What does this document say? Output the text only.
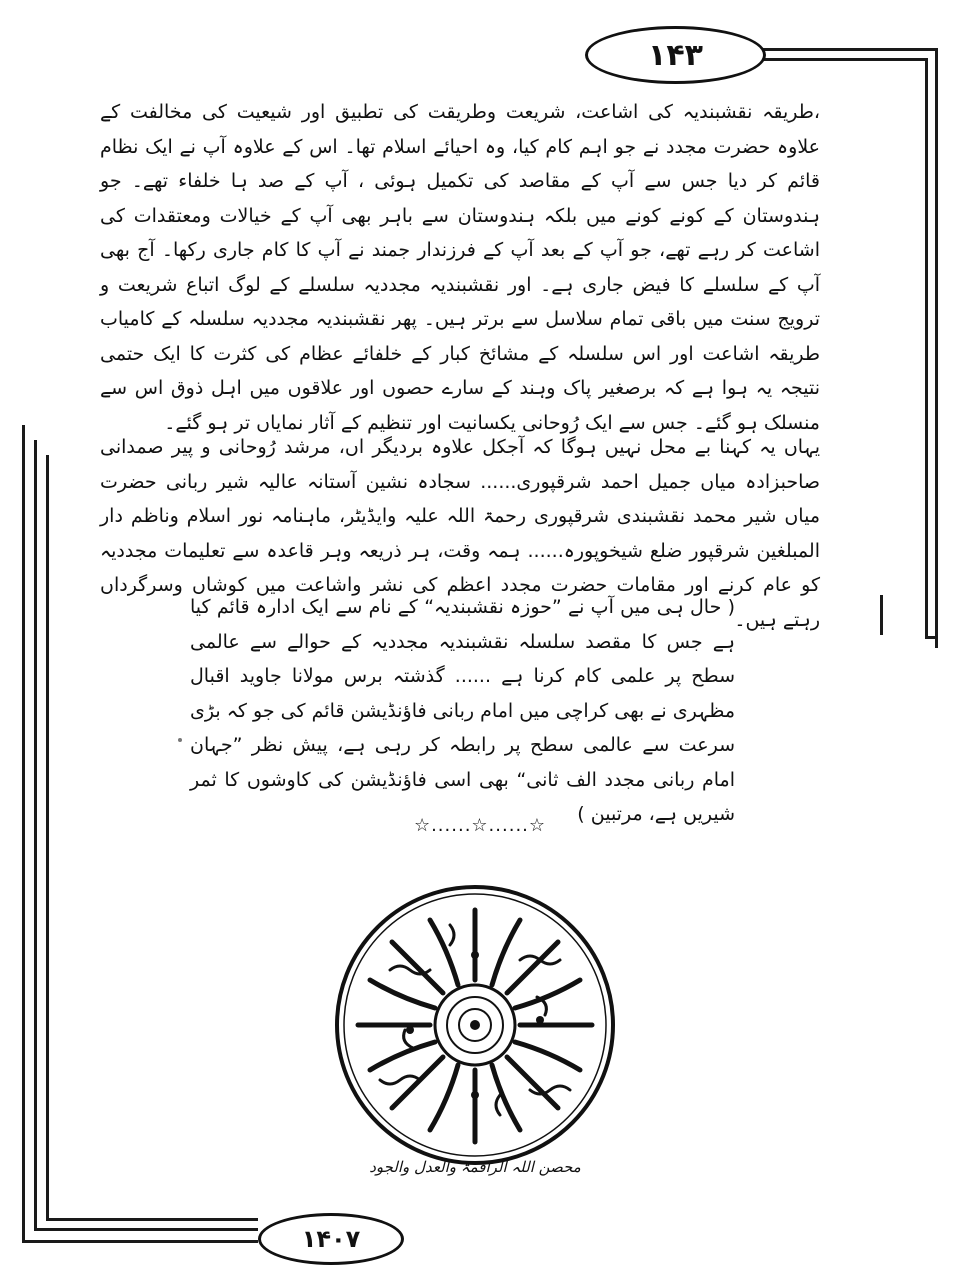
۱۴۳
،طریقہ نقشبندیہ کی اشاعت، شریعت وطریقت کی تطبیق اور شیعیت کی مخالفت کے علاوہ حضرت مجدد نے جو اہم کام کیا، وہ احیائے اسلام تھا۔ اس کے علاوہ آپ نے ایک نظام قائم کر دیا جس سے آپ کے مقاصد کی تکمیل ہوئی ، آپ کے صد ہا خلفاء تھے۔ جو ہندوستان کے کونے کونے میں بلکہ ہندوستان سے باہر بھی آپ کے خیالات ومعتقدات کی اشاعت کر رہے تھے، جو آپ کے بعد آپ کے فرزندار جمند نے آپ کا کام جاری رکھا۔ آج بھی آپ کے سلسلے کا فیض جاری ہے۔ اور نقشبندیہ مجددیہ سلسلے کے لوگ اتباع شریعت و ترویج سنت میں باقی تمام سلاسل سے برتر ہیں۔ پھر نقشبندیہ مجددیہ سلسلہ کے کامیاب طریقہ اشاعت اور اس سلسلہ کے مشائخ کبار کے خلفائے عظام کی کثرت کا ایک حتمی نتیجہ یہ ہوا ہے کہ برصغیر پاک وہند کے سارے حصوں اور علاقوں میں اہل ذوق اس سے منسلک ہو گئے۔ جس سے ایک رُوحانی یکسانیت اور تنظیم کے آثار نمایاں تر ہو گئے۔
یہاں یہ کہنا بے محل نہیں ہوگا کہ آجکل علاوہ بردیگر اں، مرشد رُوحانی و پیر صمدانی صاحبزادہ میاں جمیل احمد شرقپوری...... سجادہ نشین آستانہ عالیہ شیر ربانی حضرت میاں شیر محمد نقشبندی شرقپوری رحمۃ اللہ علیہ وایڈیٹر، ماہنامہ نور اسلام وناظم دار المبلغین شرقپور ضلع شیخوپورہ...... ہمہ وقت، ہر ذریعہ وہر قاعدہ سے تعلیمات مجددیہ کو عام کرنے اور مقامات حضرت مجدد اعظم کی نشر واشاعت میں کوشاں وسرگرداں رہتے ہیں۔
( حال ہی میں آپ نے ”حوزہ نقشبندیہ“ کے نام سے ایک ادارہ قائم کیا ہے جس کا مقصد سلسلہ نقشبندیہ مجددیہ کے حوالے سے عالمی سطح پر علمی کام کرنا ہے ...... گذشتہ برس مولانا جاوید اقبال مظہری نے بھی کراچی میں امام ربانی فاؤنڈیشن قائم کی جو کہ بڑی سرعت سے عالمی سطح پر رابطہ کر رہی ہے، پیش نظر ”جہان امام ربانی مجدد الف ثانی“ بھی اسی فاؤنڈیشن کی کاوشوں کا ثمر شیریں ہے، مرتبین )
☆......☆......☆
محصن اللہ الراقمۃ والعدل والجود
۱۴۰۷
